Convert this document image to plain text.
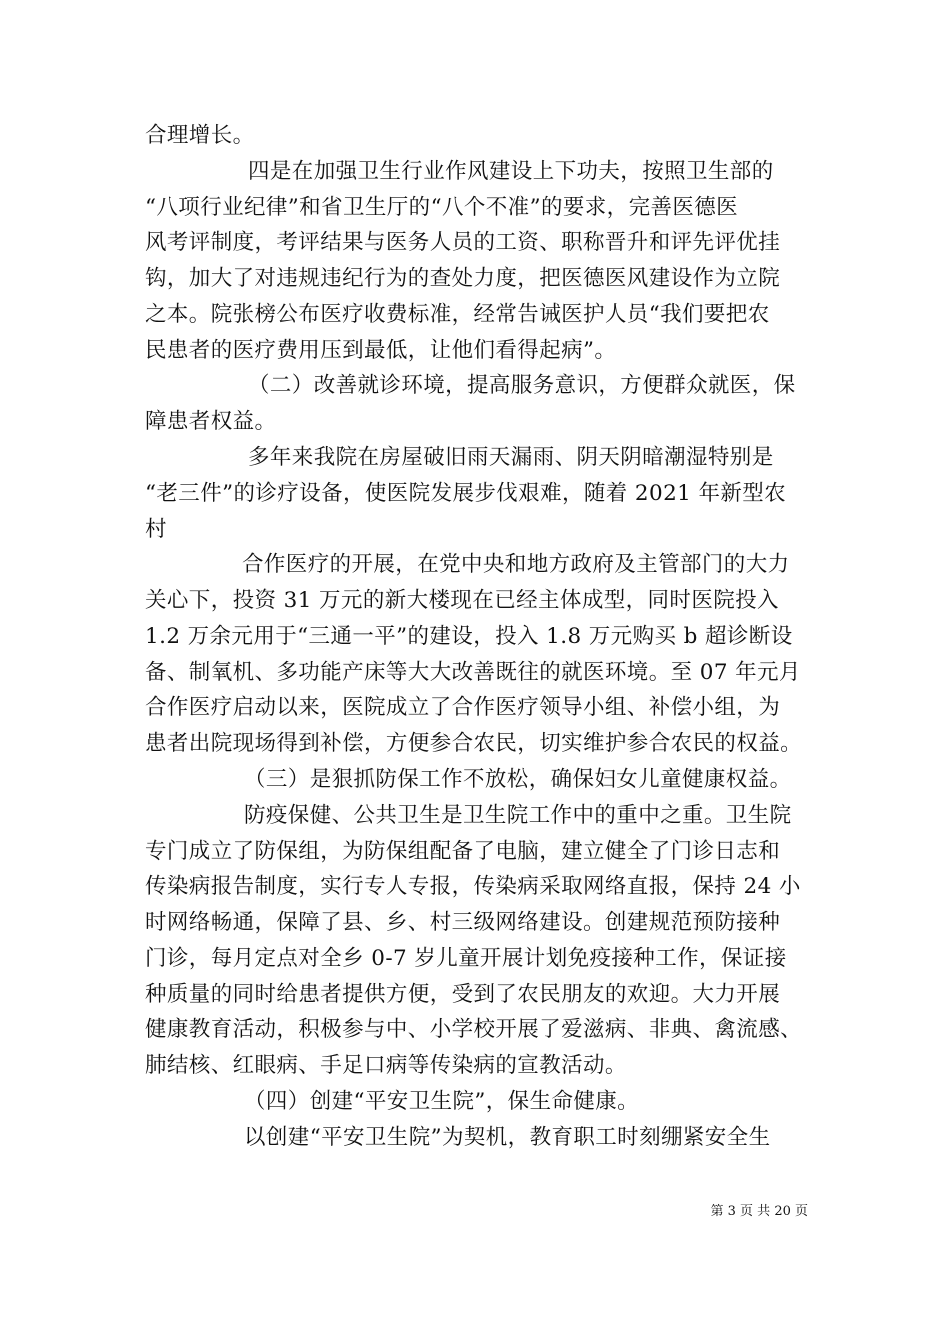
合理增长。
四是在加强卫生行业作风建设上下功夫，按照卫生部的
“八项行业纪律”和省卫生厅的“八个不准”的要求，完善医德医
风考评制度，考评结果与医务人员的工资、职称晋升和评先评优挂
钩，加大了对违规违纪行为的查处力度，把医德医风建设作为立院
之本。院张榜公布医疗收费标准，经常告诫医护人员“我们要把农
民患者的医疗费用压到最低，让他们看得起病”。
（二）改善就诊环境，提高服务意识，方便群众就医，保
障患者权益。
多年来我院在房屋破旧雨天漏雨、阴天阴暗潮湿特别是
“老三件”的诊疗设备，使医院发展步伐艰难，随着 2021 年新型农
村
合作医疗的开展，在党中央和地方政府及主管部门的大力
关心下，投资 31 万元的新大楼现在已经主体成型，同时医院投入
1.2 万余元用于“三通一平”的建设，投入 1.8 万元购买 b 超诊断设
备、制氧机、多功能产床等大大改善既往的就医环境。至 07 年元月
合作医疗启动以来，医院成立了合作医疗领导小组、补偿小组，为
患者出院现场得到补偿，方便参合农民，切实维护参合农民的权益。
（三）是狠抓防保工作不放松，确保妇女儿童健康权益。
防疫保健、公共卫生是卫生院工作中的重中之重。卫生院
专门成立了防保组，为防保组配备了电脑，建立健全了门诊日志和
传染病报告制度，实行专人专报，传染病采取网络直报，保持 24 小
时网络畅通，保障了县、乡、村三级网络建设。创建规范预防接种
门诊，每月定点对全乡 0-7 岁儿童开展计划免疫接种工作，保证接
种质量的同时给患者提供方便，受到了农民朋友的欢迎。大力开展
健康教育活动，积极参与中、小学校开展了爱滋病、非典、禽流感、
肺结核、红眼病、手足口病等传染病的宣教活动。
（四）创建“平安卫生院”，保生命健康。
以创建“平安卫生院”为契机，教育职工时刻绷紧安全生
第 3 页 共 20 页
